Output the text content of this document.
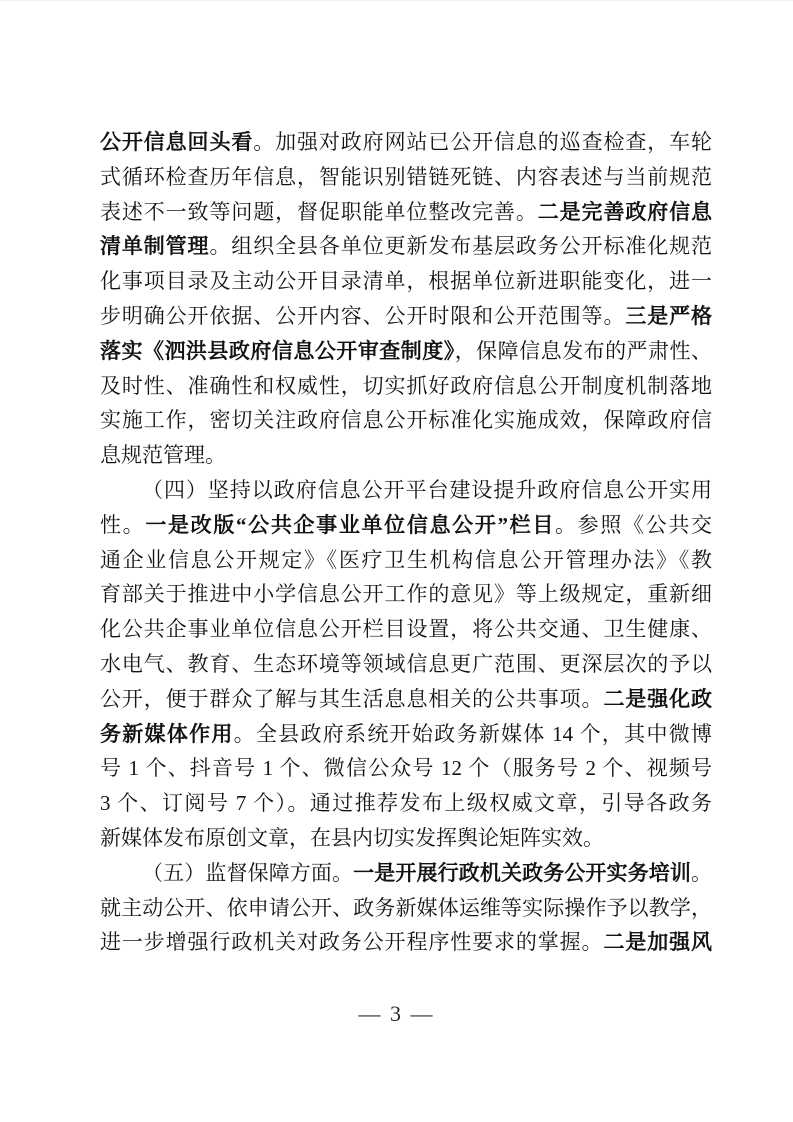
公开信息回头看。加强对政府网站已公开信息的巡查检查，车轮
式循环检查历年信息，智能识别错链死链、内容表述与当前规范
表述不一致等问题，督促职能单位整改完善。二是完善政府信息
清单制管理。组织全县各单位更新发布基层政务公开标准化规范
化事项目录及主动公开目录清单，根据单位新进职能变化，进一
步明确公开依据、公开内容、公开时限和公开范围等。三是严格
落实《泗洪县政府信息公开审查制度》，保障信息发布的严肃性、
及时性、准确性和权威性，切实抓好政府信息公开制度机制落地
实施工作，密切关注政府信息公开标准化实施成效，保障政府信
息规范管理。
（四）坚持以政府信息公开平台建设提升政府信息公开实用
性。一是改版“公共企事业单位信息公开”栏目。参照《公共交
通企业信息公开规定》《医疗卫生机构信息公开管理办法》《教
育部关于推进中小学信息公开工作的意见》等上级规定，重新细
化公共企事业单位信息公开栏目设置，将公共交通、卫生健康、
水电气、教育、生态环境等领域信息更广范围、更深层次的予以
公开，便于群众了解与其生活息息相关的公共事项。二是强化政
务新媒体作用。全县政府系统开始政务新媒体 14 个，其中微博
号 1 个、抖音号 1 个、微信公众号 12 个（服务号 2 个、视频号
3 个、订阅号 7 个）。通过推荐发布上级权威文章，引导各政务
新媒体发布原创文章，在县内切实发挥舆论矩阵实效。
（五）监督保障方面。一是开展行政机关政务公开实务培训。
就主动公开、依申请公开、政务新媒体运维等实际操作予以教学，
进一步增强行政机关对政务公开程序性要求的掌握。二是加强风
— 3 —
